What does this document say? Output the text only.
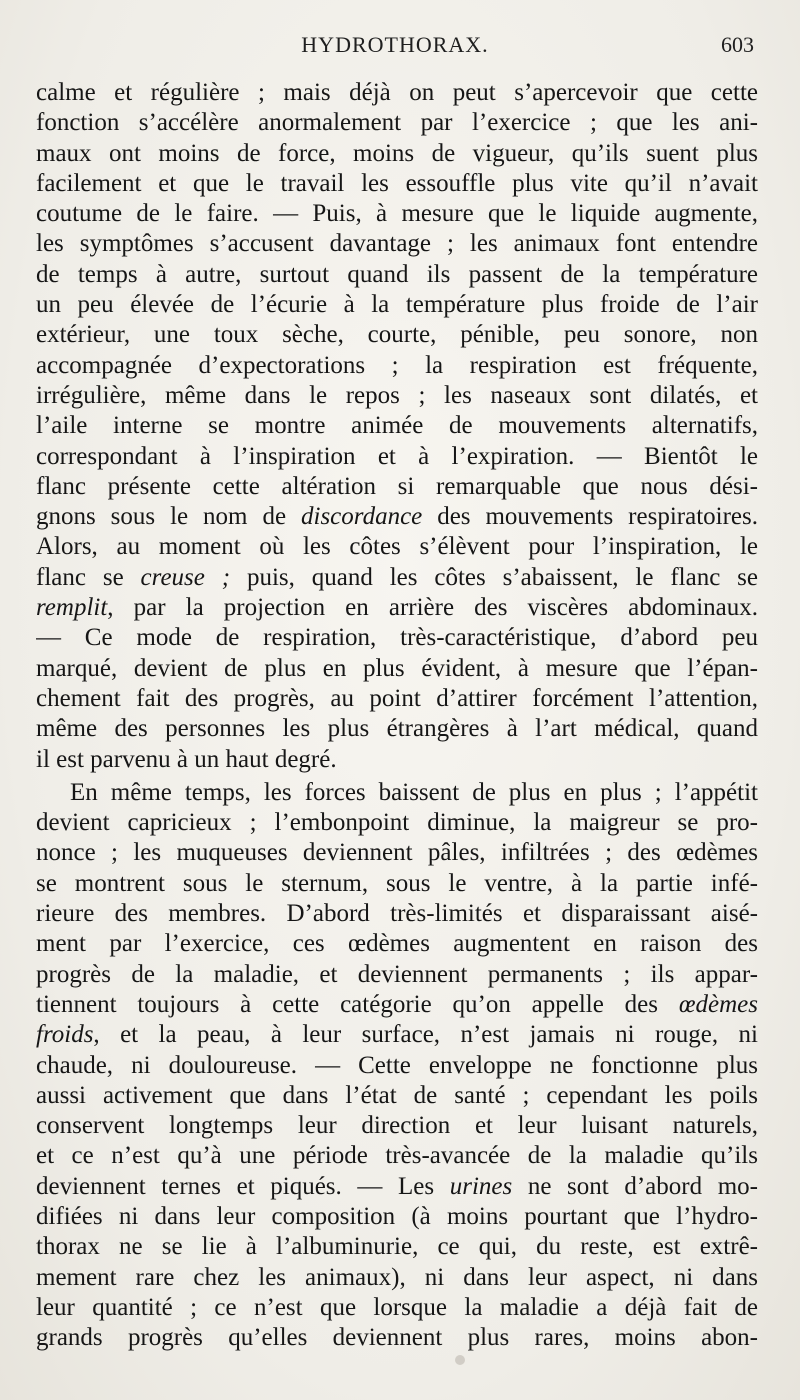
HYDROTHORAX.	603
calme et régulière ; mais déjà on peut s’apercevoir que cette
fonction s’accélère anormalement par l’exercice ; que les ani-
maux ont moins de force, moins de vigueur, qu’ils suent plus
facilement et que le travail les essouffle plus vite qu’il n’avait
coutume de le faire. — Puis, à mesure que le liquide augmente,
les symptômes s’accusent davantage ; les animaux font entendre
de temps à autre, surtout quand ils passent de la température
un peu élevée de l’écurie à la température plus froide de l’air
extérieur, une toux sèche, courte, pénible, peu sonore, non
accompagnée d’expectorations ; la respiration est fréquente,
irrégulière, même dans le repos ; les naseaux sont dilatés, et
l’aile interne se montre animée de mouvements alternatifs,
correspondant à l’inspiration et à l’expiration. — Bientôt le
flanc présente cette altération si remarquable que nous dési-
gnons sous le nom de discordance des mouvements respiratoires.
Alors, au moment où les côtes s’élèvent pour l’inspiration, le
flanc se creuse ; puis, quand les côtes s’abaissent, le flanc se
remplit, par la projection en arrière des viscères abdominaux.
— Ce mode de respiration, très-caractéristique, d’abord peu
marqué, devient de plus en plus évident, à mesure que l’épan-
chement fait des progrès, au point d’attirer forcément l’attention,
même des personnes les plus étrangères à l’art médical, quand
il est parvenu à un haut degré.
En même temps, les forces baissent de plus en plus ; l’appétit
devient capricieux ; l’embonpoint diminue, la maigreur se pro-
nonce ; les muqueuses deviennent pâles, infiltrées ; des œdèmes
se montrent sous le sternum, sous le ventre, à la partie infé-
rieure des membres. D’abord très-limités et disparaissant aisé-
ment par l’exercice, ces œdèmes augmentent en raison des
progrès de la maladie, et deviennent permanents ; ils appar-
tiennent toujours à cette catégorie qu’on appelle des œdèmes
froids, et la peau, à leur surface, n’est jamais ni rouge, ni
chaude, ni douloureuse. — Cette enveloppe ne fonctionne plus
aussi activement que dans l’état de santé ; cependant les poils
conservent longtemps leur direction et leur luisant naturels,
et ce n’est qu’à une période très-avancée de la maladie qu’ils
deviennent ternes et piqués. — Les urines ne sont d’abord mo-
difiées ni dans leur composition (à moins pourtant que l’hydro-
thorax ne se lie à l’albuminurie, ce qui, du reste, est extrê-
mement rare chez les animaux), ni dans leur aspect, ni dans
leur quantité ; ce n’est que lorsque la maladie a déjà fait de
grands progrès qu’elles deviennent plus rares, moins abon-
